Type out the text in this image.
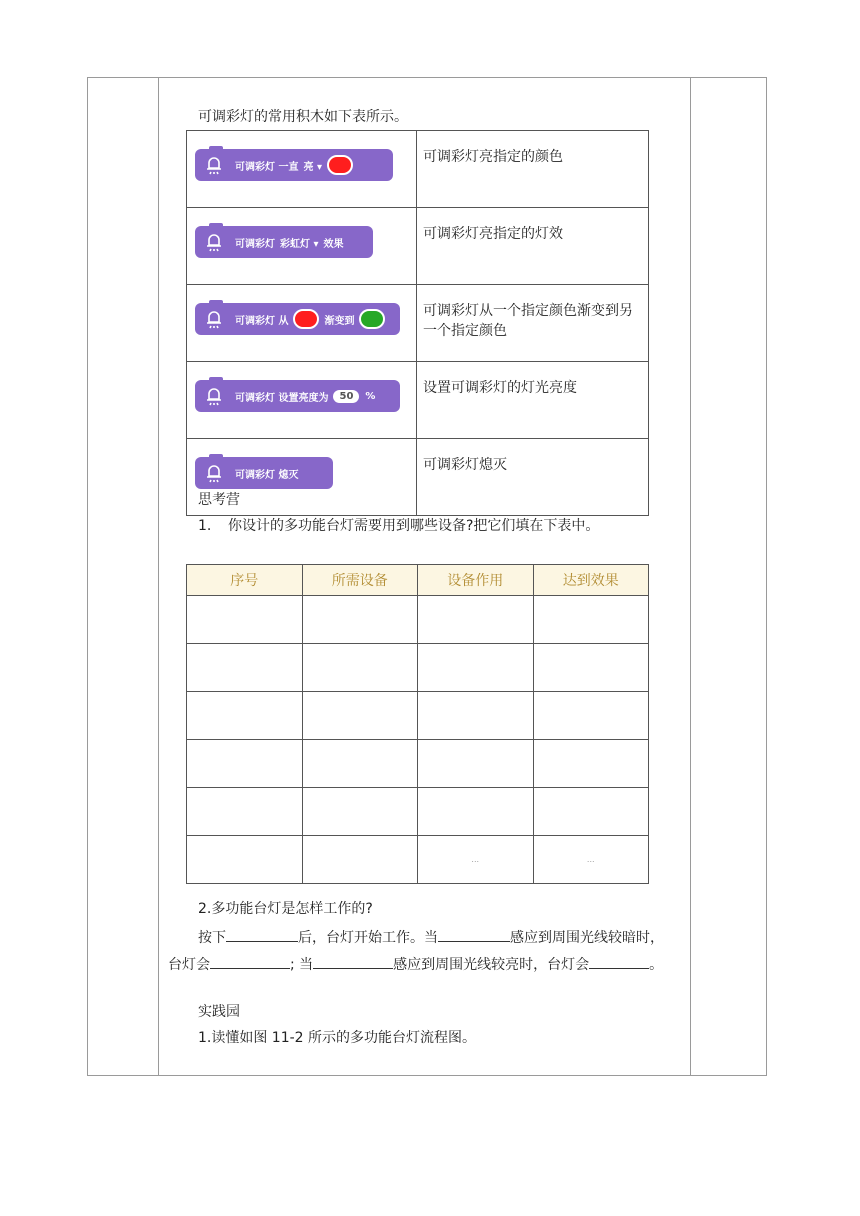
可调彩灯的常用积木如下表所示。
可调彩灯 一直 亮 ▾	可调彩灯亮指定的颜色

可调彩灯 彩虹灯 ▾ 效果	可调彩灯亮指定的灯效

可调彩灯 从 渐变到	可调彩灯从一个指定颜色渐变到另 一个指定颜色

可调彩灯 设置亮度为 50 %	设置可调彩灯的灯光亮度

可调彩灯 熄灭	可调彩灯熄灭
思考营
1. 你设计的多功能台灯需要用到哪些设备?把它们填在下表中。
序号	所需设备	设备作用	达到效果

		...	...
2.多功能台灯是怎样工作的?
按下	后，台灯开始工作。当	感应到周围光线较暗时，
台灯会	; 当	感应到周围光线较亮时，台灯会	。
实践园
1.读懂如图 11-2 所示的多功能台灯流程图。
